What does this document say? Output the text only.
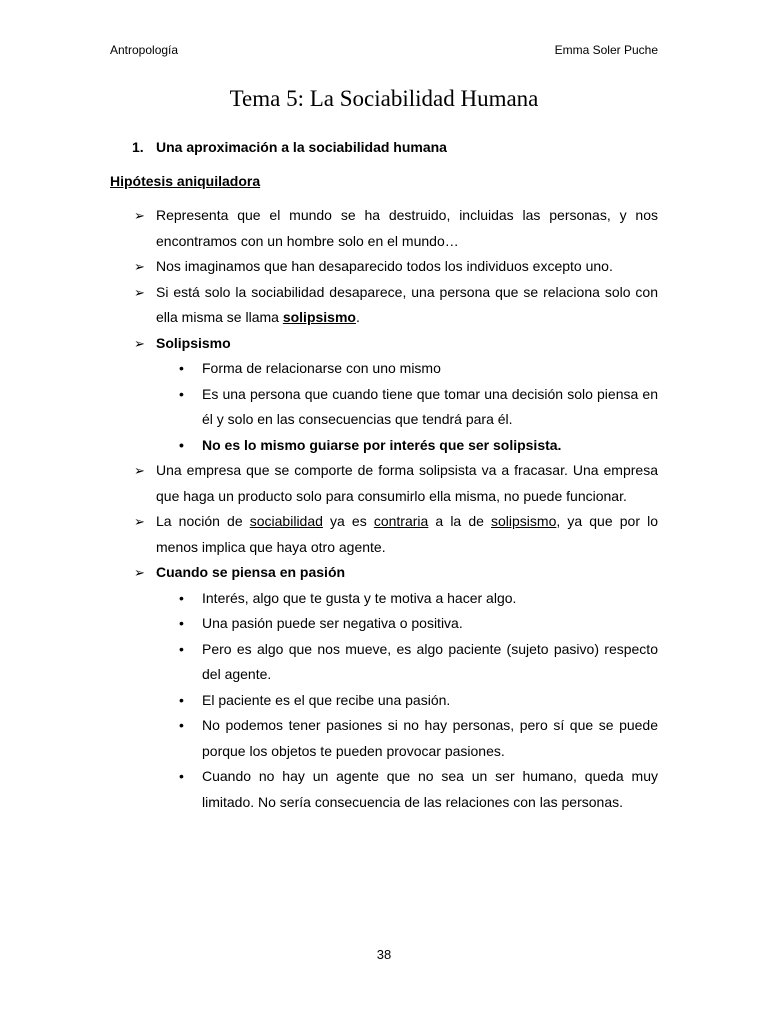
Antropología	Emma Soler Puche
Tema 5: La Sociabilidad Humana
1. Una aproximación a la sociabilidad humana
Hipótesis aniquiladora
➢ Representa que el mundo se ha destruido, incluidas las personas, y nos encontramos con un hombre solo en el mundo…
➢ Nos imaginamos que han desaparecido todos los individuos excepto uno.
➢ Si está solo la sociabilidad desaparece, una persona que se relaciona solo con ella misma se llama solipsismo.
➢ Solipsismo
• Forma de relacionarse con uno mismo
• Es una persona que cuando tiene que tomar una decisión solo piensa en él y solo en las consecuencias que tendrá para él.
• No es lo mismo guiarse por interés que ser solipsista.
➢ Una empresa que se comporte de forma solipsista va a fracasar. Una empresa que haga un producto solo para consumirlo ella misma, no puede funcionar.
➢ La noción de sociabilidad ya es contraria a la de solipsismo, ya que por lo menos implica que haya otro agente.
➢ Cuando se piensa en pasión
• Interés, algo que te gusta y te motiva a hacer algo.
• Una pasión puede ser negativa o positiva.
• Pero es algo que nos mueve, es algo paciente (sujeto pasivo) respecto del agente.
• El paciente es el que recibe una pasión.
• No podemos tener pasiones si no hay personas, pero sí que se puede porque los objetos te pueden provocar pasiones.
• Cuando no hay un agente que no sea un ser humano, queda muy limitado. No sería consecuencia de las relaciones con las personas.
38
